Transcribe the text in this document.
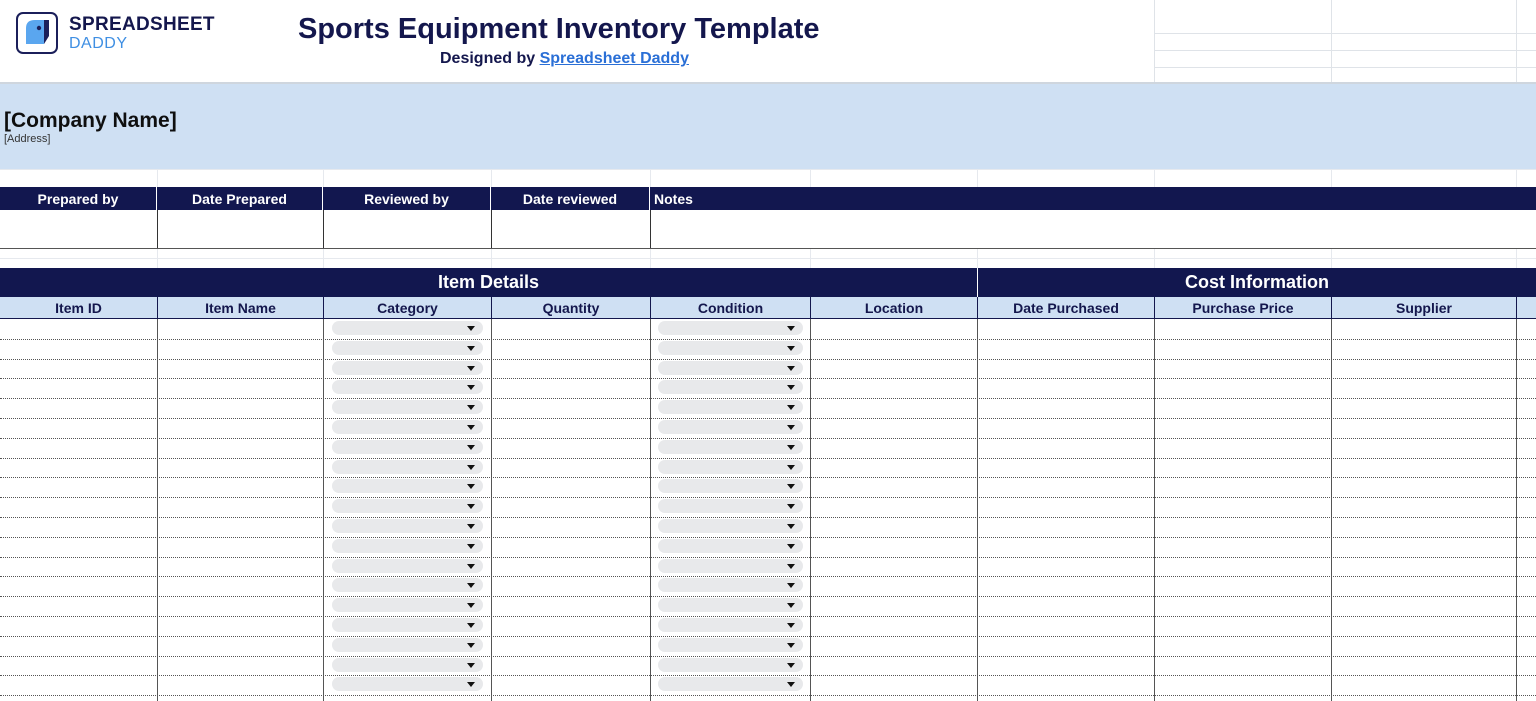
SPREADSHEET
DADDY	Sports Equipment Inventory Template
Designed by Spreadsheet Daddy
[Company Name]
[Address]
Prepared by	Date Prepared	Reviewed by	Date reviewed	Notes
Item Details	Cost Information
Item ID	Item Name	Category	Quantity	Condition	Location	Date Purchased	Purchase Price	Supplier
